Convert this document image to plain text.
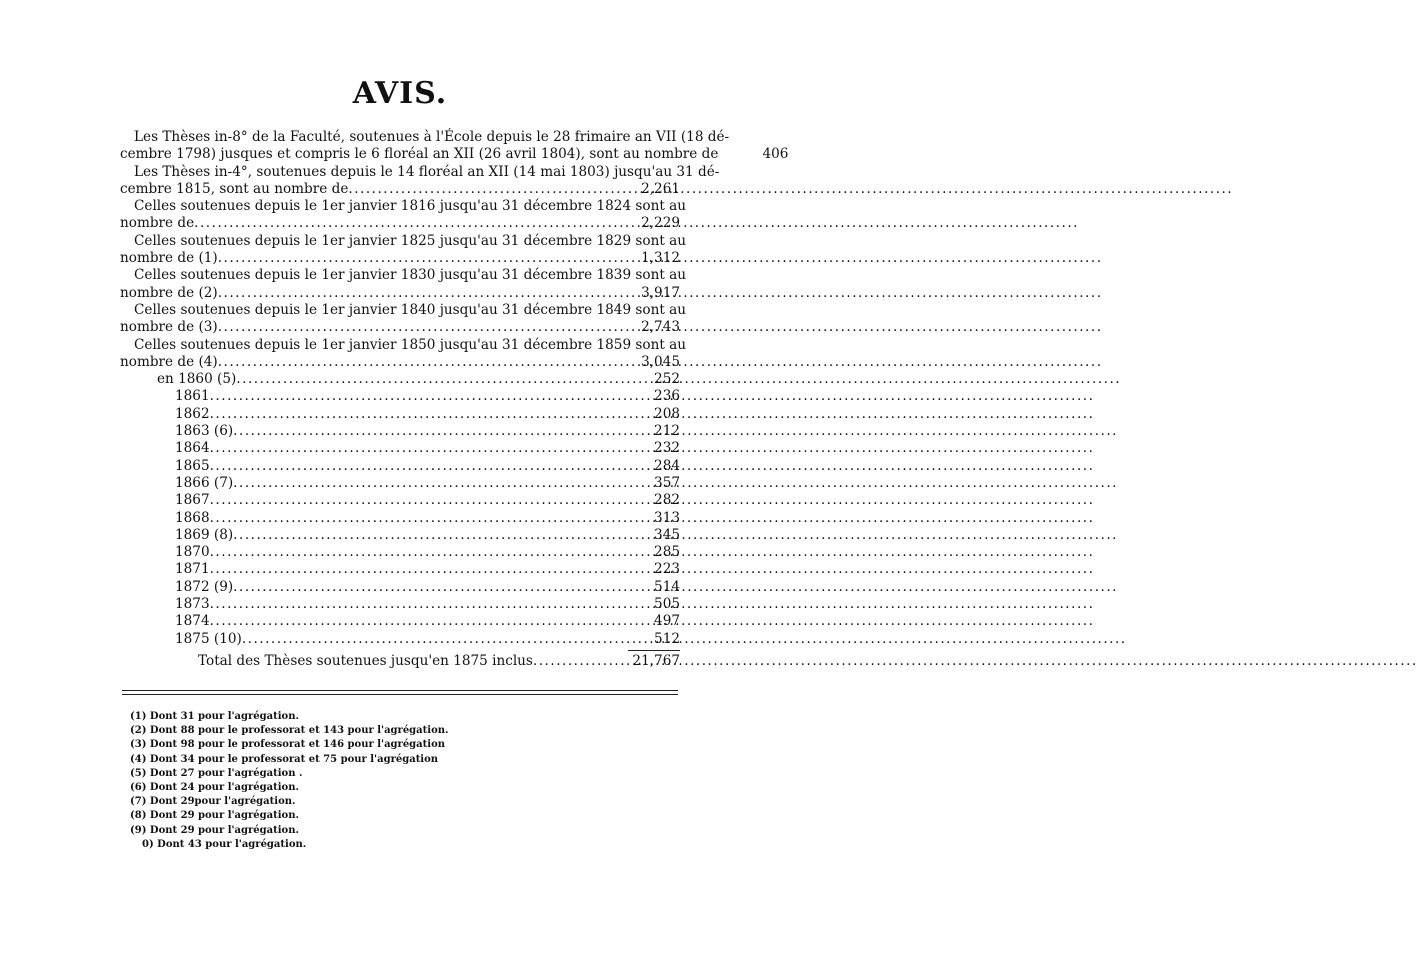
AVIS.
Les Thèses in-8° de la Faculté, soutenues à l'École depuis le 28 frimaire an VII (18 dé-
cembre 1798) jusques et compris le 6 floréal an XII (26 avril 1804), sont au nombre de	406
Les Thèses in-4°, soutenues depuis le 14 floréal an XII (14 mai 1803) jusqu'au 31 dé-
cembre 1815, sont au nombre de .....	2,261
Celles soutenues depuis le 1er janvier 1816 jusqu'au 31 décembre 1824 sont au
nombre de .....	2,229
Celles soutenues depuis le 1er janvier 1825 jusqu'au 31 décembre 1829 sont au
nombre de (1) .....	1,312
Celles soutenues depuis le 1er janvier 1830 jusqu'au 31 décembre 1839 sont au
nombre de (2) .....	3,917
Celles soutenues depuis le 1er janvier 1840 jusqu'au 31 décembre 1849 sont au
nombre de (3) .....	2,743
Celles soutenues depuis le 1er janvier 1850 jusqu'au 31 décembre 1859 sont au
nombre de (4) .....	3,045
en 1860 (5) .....	252
1861 .....	236
1862 .....	208
1863 (6) .....	212
1864 .....	232
1865 .....	284
1866 (7) .....	357
1867 .....	282
1868 .....	313
1869 (8) .....	345
1870 .....	285
1871 .....	223
1872 (9) .....	514
1873 .....	505
1874 .....	497
1875 (10) .....	512
Total des Thèses soutenues jusqu'en 1875 inclus .....	21,767
(1) Dont 31 pour l'agrégation.
(2) Dont 88 pour le professorat et 143 pour l'agrégation.
(3) Dont 98 pour le professorat et 146 pour l'agrégation
(4) Dont 34 pour le professorat et 75 pour l'agrégation
(5) Dont 27 pour l'agrégation .
(6) Dont 24 pour l'agrégation.
(7) Dont 29pour l'agrégation.
(8) Dont 29 pour l'agrégation.
(9) Dont 29 pour l'agrégation.
0) Dont 43 pour l'agrégation.
